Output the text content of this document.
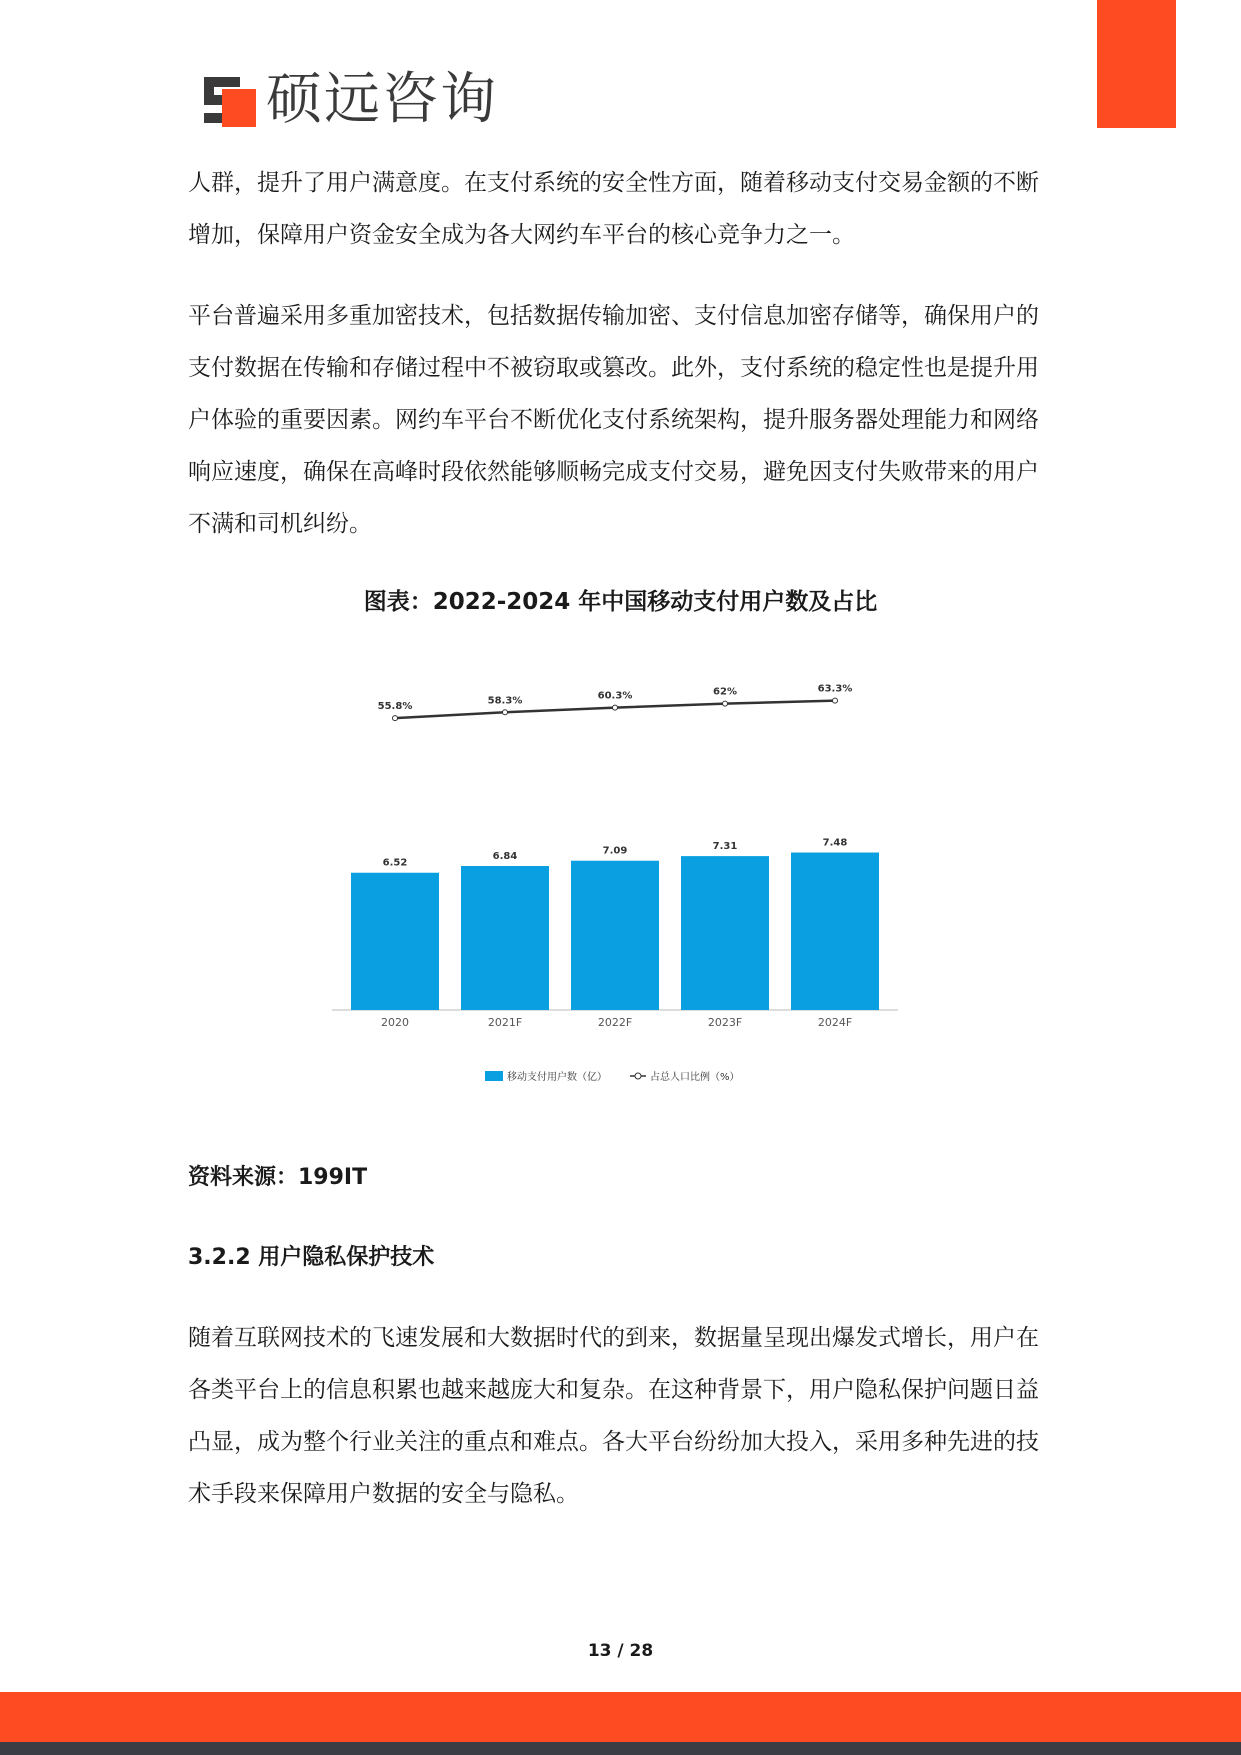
硕远咨询

人群，提升了用户满意度。在支付系统的安全性方面，随着移动支付交易金额的不断增加，保障用户资金安全成为各大网约车平台的核心竞争力之一。

平台普遍采用多重加密技术，包括数据传输加密、支付信息加密存储等，确保用户的支付数据在传输和存储过程中不被窃取或篡改。此外，支付系统的稳定性也是提升用户体验的重要因素。网约车平台不断优化支付系统架构，提升服务器处理能力和网络响应速度，确保在高峰时段依然能够顺畅完成支付交易，避免因支付失败带来的用户不满和司机纠纷。

图表：2022-2024 年中国移动支付用户数及占比
6.52
2020
6.84
2021F
7.09
2022F
7.31
2023F
7.48
2024F
55.8%
58.3%	60.3%	62%	63.3%
移动支付用户数（亿）	占总人口比例（%）
资料来源：199IT
3.2.2 用户隐私保护技术

随着互联网技术的飞速发展和大数据时代的到来，数据量呈现出爆发式增长，用户在各类平台上的信息积累也越来越庞大和复杂。在这种背景下，用户隐私保护问题日益凸显，成为整个行业关注的重点和难点。各大平台纷纷加大投入，采用多种先进的技术手段来保障用户数据的安全与隐私。

13 / 28
